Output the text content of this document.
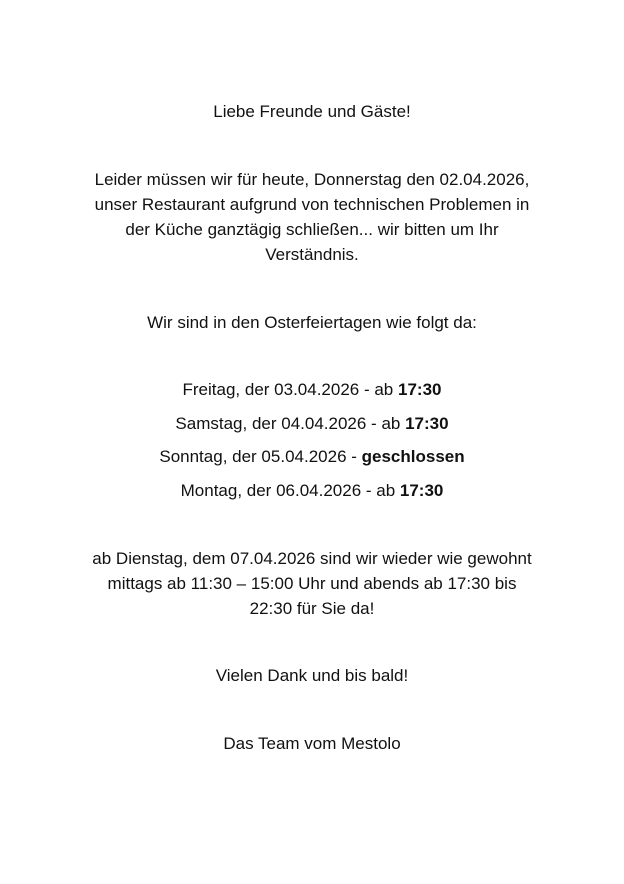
Liebe Freunde und Gäste!
Leider müssen wir für heute, Donnerstag den 02.04.2026,
unser Restaurant aufgrund von technischen Problemen in
der Küche ganztägig schließen... wir bitten um Ihr
Verständnis.
Wir sind in den Osterfeiertagen wie folgt da:
Freitag, der 03.04.2026 - ab 17:30
Samstag, der 04.04.2026 - ab 17:30
Sonntag, der 05.04.2026 - geschlossen
Montag, der 06.04.2026 - ab 17:30
ab Dienstag, dem 07.04.2026 sind wir wieder wie gewohnt
mittags ab 11:30 – 15:00 Uhr und abends ab 17:30 bis
22:30 für Sie da!
Vielen Dank und bis bald!
Das Team vom Mestolo
